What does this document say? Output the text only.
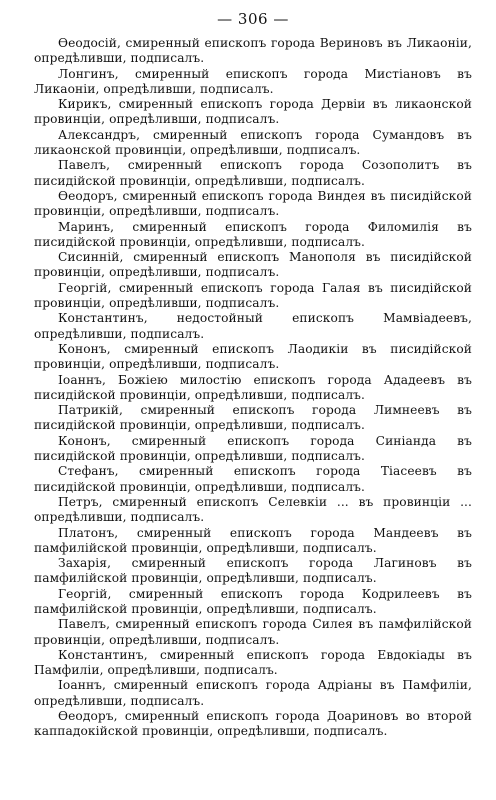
— 306 —

Ѳеодосій, смиренный епископъ города Вериновъ въ Ликаоніи, опредѣливши, подписалъ.

Лонгинъ, смиренный епископъ города Мистіановъ въ Ликаоніи, опредѣливши, подписалъ.

Кирикъ, смиренный епископъ города Дервіи въ ликаонской провинціи, опредѣливши, подписалъ.

Александръ, смиренный епископъ города Сумандовъ въ ликаонской провинціи, опредѣливши, подписалъ.

Павелъ, смиренный епископъ города Созополитъ въ писидійской провинціи, опредѣливши, подписалъ.

Ѳеодоръ, смиренный епископъ города Виндея въ писидійской провинціи, опредѣливши, подписалъ.

Маринъ, смиренный епископъ города Филомилія въ писидійской провинціи, опредѣливши, подписалъ.

Сисинній, смиренный епископъ Манополя въ писидійской провинціи, опредѣливши, подписалъ.

Георгій, смиренный епископъ города Галая въ писидійской провинціи, опредѣливши, подписалъ.

Константинъ, недостойный епископъ Мамвіадеевъ, опредѣливши, подписалъ.

Кононъ, смиренный епископъ Лаодикіи въ писидійской провинціи, опредѣливши, подписалъ.

Іоаннъ, Божіею милостію епископъ города Ададеевъ въ писидійской провинціи, опредѣливши, подписалъ.

Патрикій, смиренный епископъ города Лимнеевъ въ писидійской провинціи, опредѣливши, подписалъ.

Кононъ, смиренный епископъ города Синіанда въ писидійской провинціи, опредѣливши, подписалъ.

Стефанъ, смиренный епископъ города Тіасеевъ въ писидійской провинціи, опредѣливши, подписалъ.

Петръ, смиренный епископъ Селевкіи ... въ провинціи ... опредѣливши, подписалъ.

Платонъ, смиренный епископъ города Мандеевъ въ памфилійской провинціи, опредѣливши, подписалъ.

Захарія, смиренный епископъ города Лагиновъ въ памфилійской провинціи, опредѣливши, подписалъ.

Георгій, смиренный епископъ города Кодрилеевъ въ памфилійской провинціи, опредѣливши, подписалъ.

Павелъ, смиренный епископъ города Силея въ памфилійской провинціи, опредѣливши, подписалъ.

Константинъ, смиренный епископъ города Евдокіады въ Памфиліи, опредѣливши, подписалъ.

Іоаннъ, смиренный епископъ города Адріаны въ Памфиліи, опредѣливши, подписалъ.

Ѳеодоръ, смиренный епископъ города Доариновъ во второй каппадокійской провинціи, опредѣливши, подписалъ.
